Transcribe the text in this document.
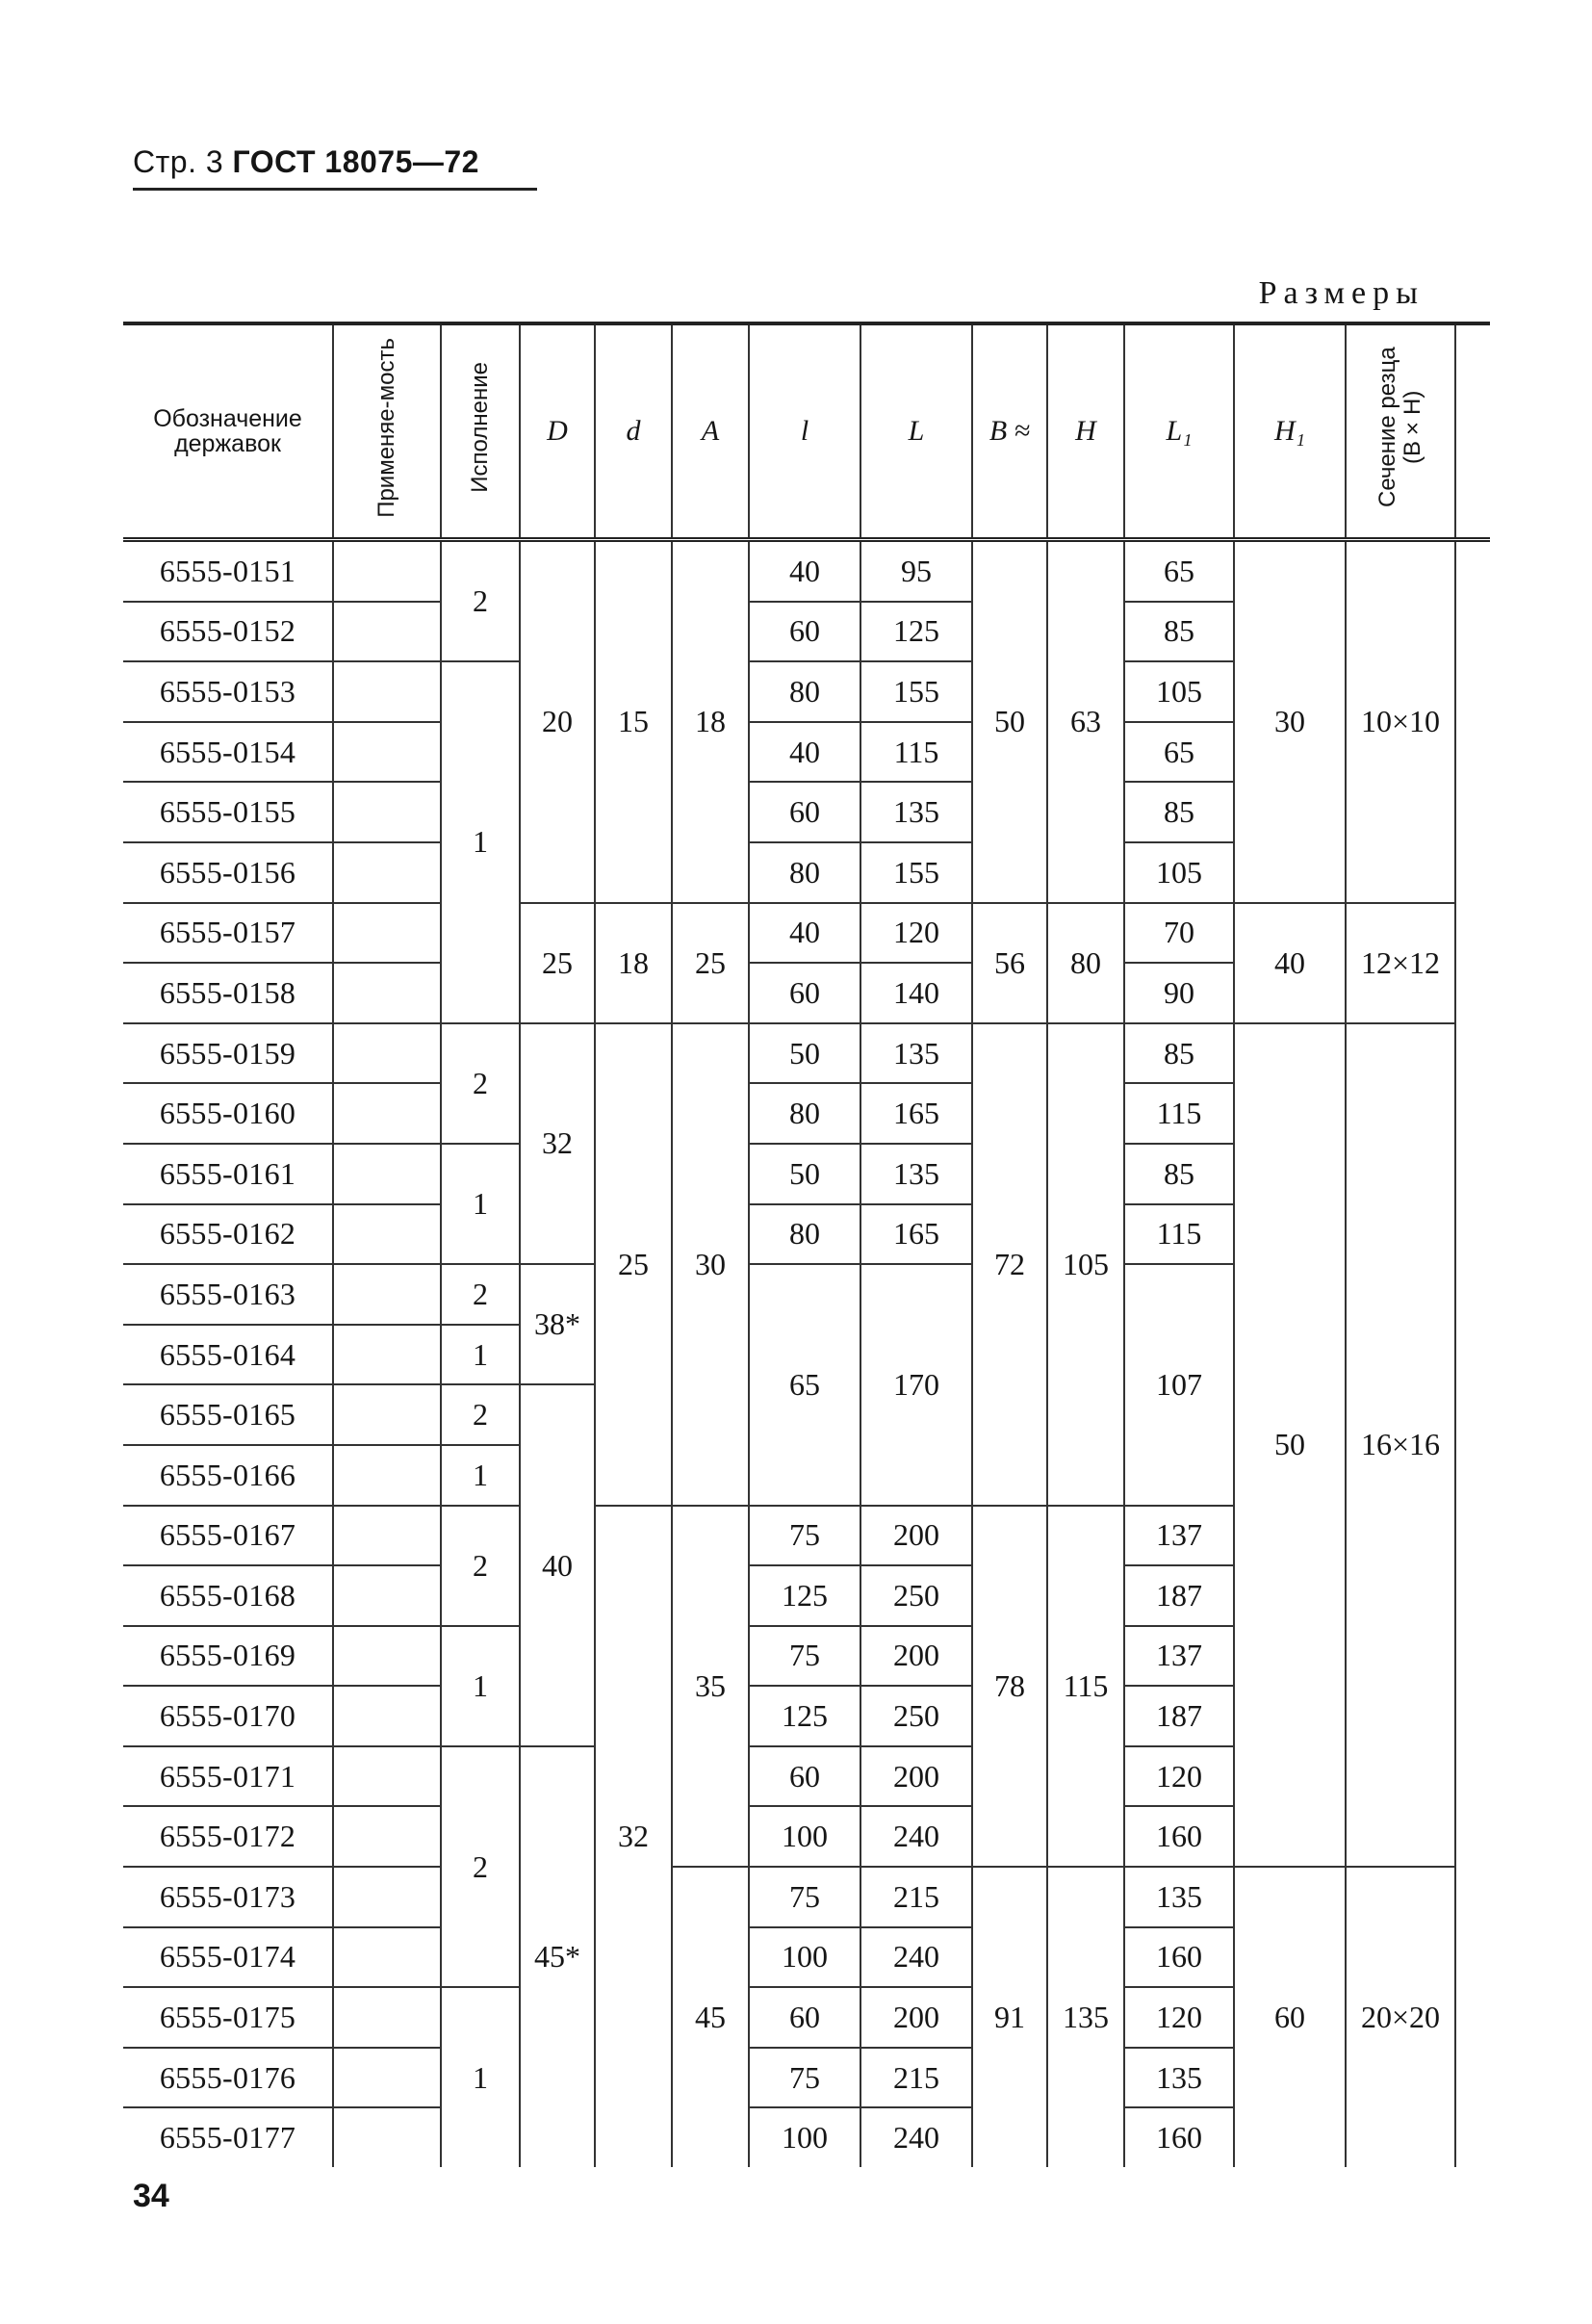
Стр. 3 ГОСТ 18075—72
Размеры
Обозначение державок	Применяе-мость	Исполнение	D	d	A	l	L	B ≈	H	L₁	H₁	Сечение резца (B×H)	
6555-0151		2	20	15	18	40	95	50	63	65	30	10×10	
6555-0152						60	125			85			
6555-0153		1				80	155			105			
6555-0154						40	115			65			
6555-0155						60	135			85			
6555-0156						80	155			105			
6555-0157			25	18	25	40	120	56	80	70	40	12×12	
6555-0158						60	140			90			
6555-0159		2	32	25	30	50	135	72	105	85	50	16×16	
6555-0160						80	165			115			
6555-0161		1				50	135			85			
6555-0162						80	165			115			
6555-0163		2	38*			65	170			107			
6555-0164		1											
6555-0165		2	40										
6555-0166		1											
6555-0167		2		32	35	75	200	78	115	137			
6555-0168						125	250			187			
6555-0169		1				75	200			137			
6555-0170						125	250			187			
6555-0171		2	45*			60	200			120			
6555-0172						100	240			160			
6555-0173					45	75	215	91	135	135	60	20×20	
6555-0174						100	240			160			
6555-0175		1				60	200			120			
6555-0176						75	215			135			
6555-0177						100	240			160			
34
